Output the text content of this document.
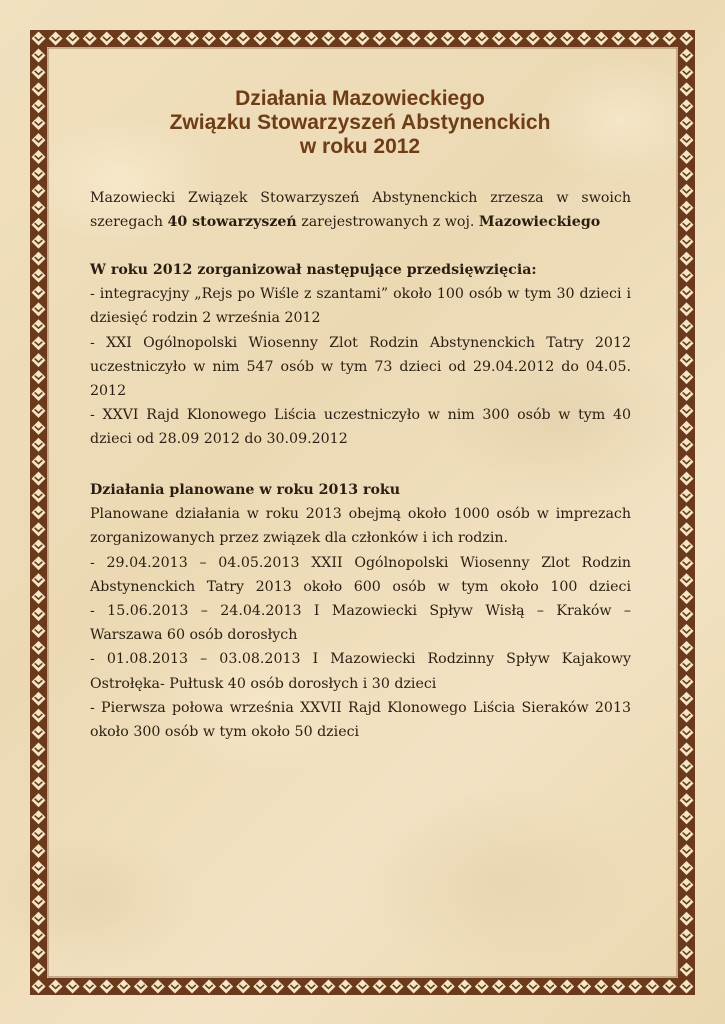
Działania Mazowieckiego
Związku Stowarzyszeń Abstynenckich
w roku 2012
Mazowiecki Związek Stowarzyszeń Abstynenckich zrzesza w swoich
szeregach 40 stowarzyszeń zarejestrowanych z woj. Mazowieckiego
W roku 2012 zorganizował następujące przedsięwzięcia:
- integracyjny „Rejs po Wiśle z szantami” około 100 osób w tym 30 dzieci i
dziesięć rodzin 2 września 2012
- XXI Ogólnopolski Wiosenny Zlot Rodzin Abstynenckich Tatry 2012
uczestniczyło w nim 547 osób w tym 73 dzieci od 29.04.2012 do 04.05.
2012
- XXVI Rajd Klonowego Liścia uczestniczyło w nim 300 osób w tym 40
dzieci od 28.09 2012 do 30.09.2012
Działania planowane w roku 2013 roku
Planowane działania w roku 2013 obejmą około 1000 osób w imprezach
zorganizowanych przez związek dla członków i ich rodzin.
- 29.04.2013 – 04.05.2013 XXII Ogólnopolski Wiosenny Zlot Rodzin
Abstynenckich Tatry 2013 około 600 osób w tym około 100 dzieci
- 15.06.2013 – 24.04.2013 I Mazowiecki Spływ Wisłą – Kraków –
Warszawa 60 osób dorosłych
- 01.08.2013 – 03.08.2013 I Mazowiecki Rodzinny Spływ Kajakowy
Ostrołęka- Pułtusk 40 osób dorosłych i 30 dzieci
- Pierwsza połowa września XXVII Rajd Klonowego Liścia Sieraków 2013
około 300 osób w tym około 50 dzieci
